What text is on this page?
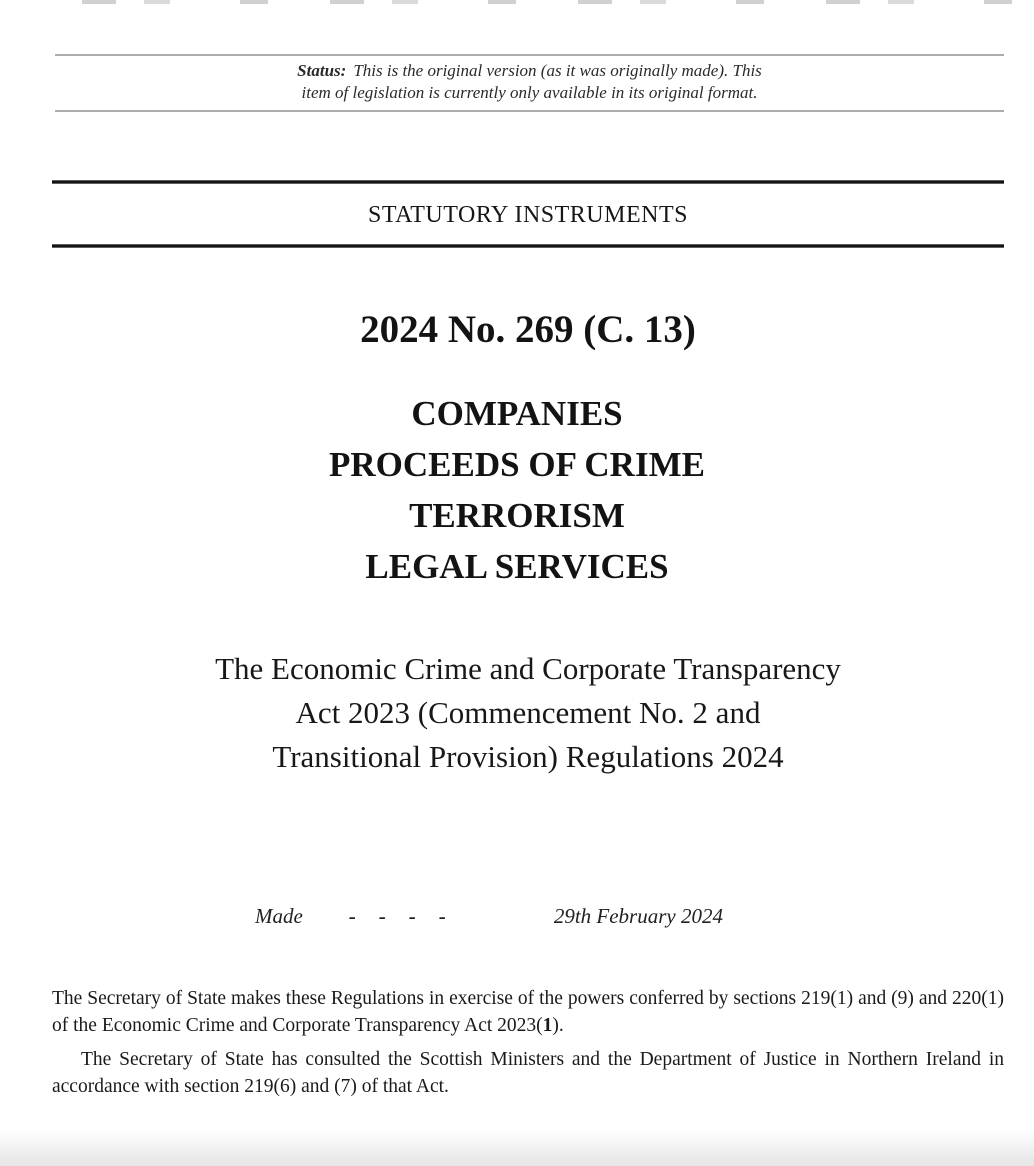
Status: This is the original version (as it was originally made). This
item of legislation is currently only available in its original format.
STATUTORY INSTRUMENTS
2024 No. 269 (C. 13)
COMPANIES
PROCEEDS OF CRIME
TERRORISM
LEGAL SERVICES
The Economic Crime and Corporate Transparency
Act 2023 (Commencement No. 2 and
Transitional Provision) Regulations 2024
Made - - - -	29th February 2024

The Secretary of State makes these Regulations in exercise of the powers conferred by sections 219(1) and (9) and 220(1) of the Economic Crime and Corporate Transparency Act 2023(1).

The Secretary of State has consulted the Scottish Ministers and the Department of Justice in Northern Ireland in accordance with section 219(6) and (7) of that Act.
